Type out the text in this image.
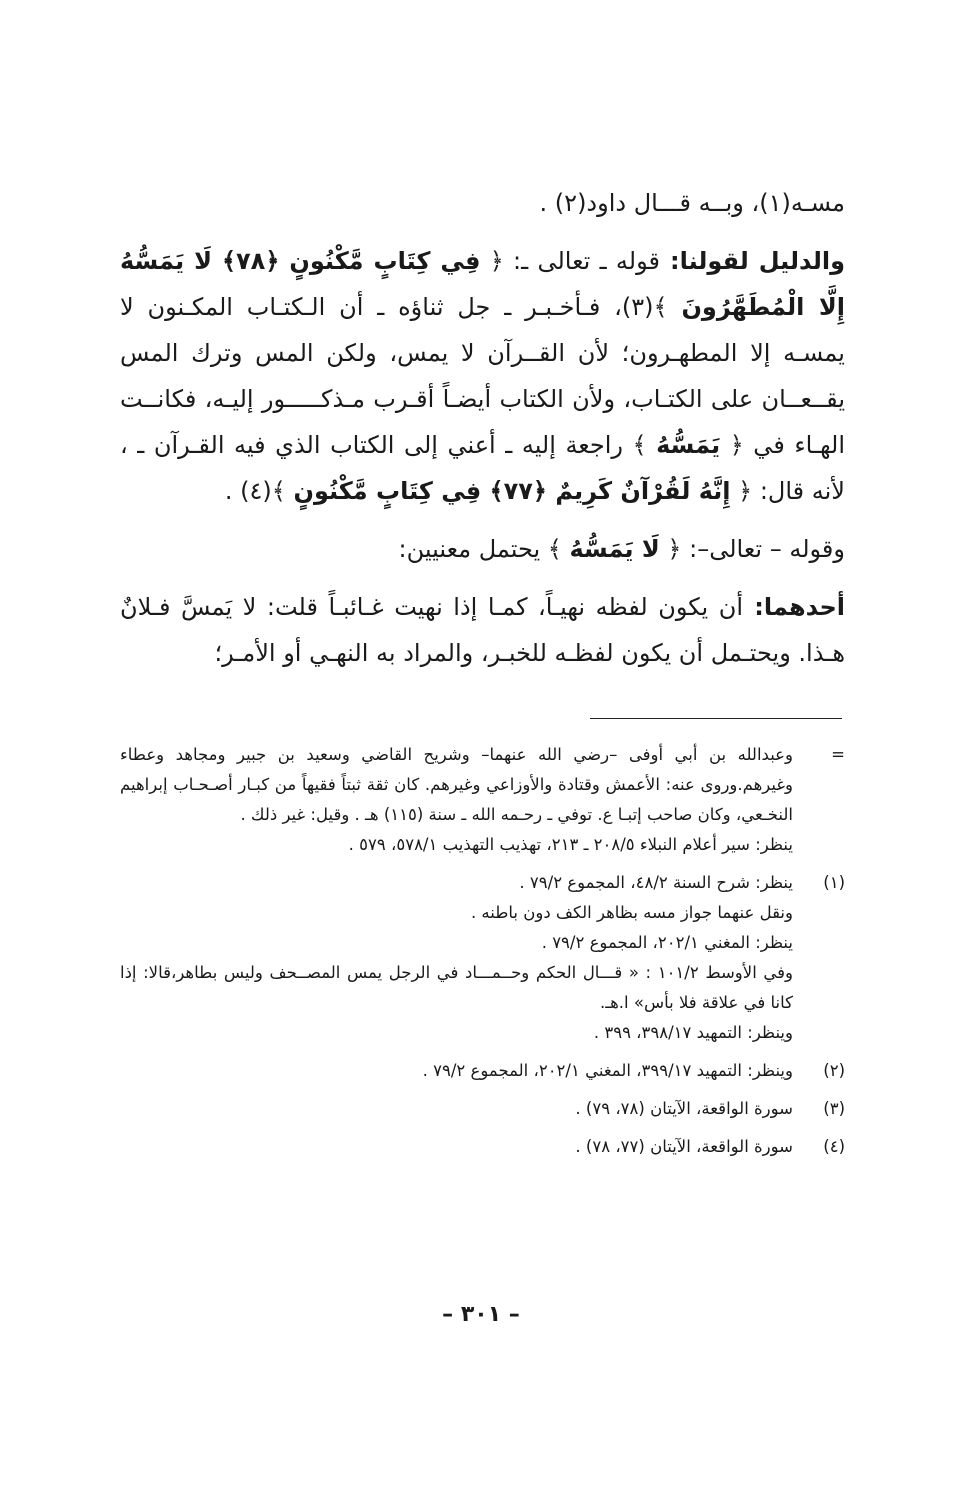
مسـه(١)، وبــه قـــال داود(٢) .

والدليل لقولنا: قوله ـ تعالى ـ: ﴿ فِي كِتَابٍ مَّكْنُونٍ ﴿٧٨﴾ لَا يَمَسُّهُ إِلَّا الْمُطَهَّرُونَ ﴾(٣)، فـأخـبـر ـ جل ثناؤه ـ أن الـكتـاب المكـنون لا يمسـه إلا المطهـرون؛ لأن القــرآن لا يمس، ولكن المس وترك المس يقــعــان على الكتـاب، ولأن الكتاب أيضـاً أقـرب مـذكـــــور إليـه، فكانــت الهـاء في ﴿ يَمَسُّهُ ﴾ راجعة إليه ـ أعني إلى الكتاب الذي فيه القـرآن ـ ، لأنه قال: ﴿ إِنَّهُ لَقُرْآنٌ كَرِيمٌ ﴿٧٧﴾ فِي كِتَابٍ مَّكْنُونٍ ﴾(٤) .

وقوله – تعالى–: ﴿ لَا يَمَسُّهُ ﴾ يحتمل معنيين:

أحدهما: أن يكون لفظه نهيـاً، كمـا إذا نهيت غـائبـاً قلت: لا يَمسَّ فـلانٌ هـذا. ويحتـمل أن يكون لفظـه للخبـر، والمراد به النهـي أو الأمـر؛

=
وعبدالله بن أبي أوفى –رضي الله عنهما– وشريح القاضي وسعيد بن جبير ومجاهد وعطاء وغيرهم.وروى عنه: الأعمش وقتادة والأوزاعي وغيرهم. كان ثقة ثبتاً فقيهاً من كبـار أصـحـاب إبراهيم النخـعي، وكان صاحب إتبـا ع. توفي ـ رحـمه الله ـ سنة (١١٥) هـ . وقيل: غير ذلك .
ينظر: سير أعلام النبلاء ٢٠٨/٥ ـ ٢١٣، تهذيب التهذيب ٥٧٨/١، ٥٧٩ .
(١)
ينظر: شرح السنة ٤٨/٢، المجموع ٧٩/٢ .
ونقل عنهما جواز مسه بظاهر الكف دون باطنه .
ينظر: المغني ٢٠٢/١، المجموع ٧٩/٢ .
وفي الأوسط ١٠١/٢ : « قـــال الحكم وحــمـــاد في الرجل يمس المصــحف وليس بطاهر،قالا: إذا كانا في علاقة فلا بأس» ا.هـ.
وينظر: التمهيد ٣٩٨/١٧، ٣٩٩ .
(٢)
وينظر: التمهيد ٣٩٩/١٧، المغني ٢٠٢/١، المجموع ٧٩/٢ .
(٣)
سورة الواقعة، الآيتان (٧٨، ٧٩) .
(٤)
سورة الواقعة، الآيتان (٧٧، ٧٨) .
– ٣٠١ –
